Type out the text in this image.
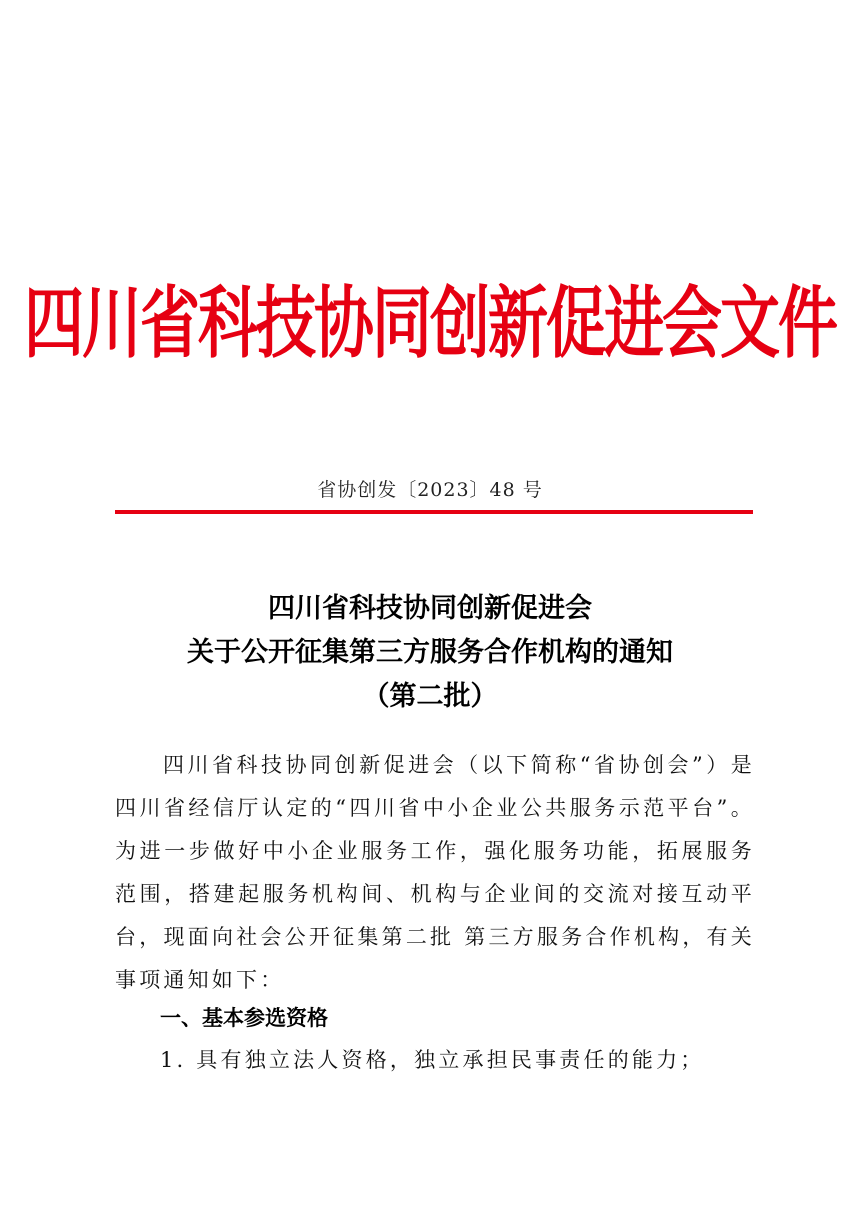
四川省科技协同创新促进会文件
省协创发〔2023〕48 号
四川省科技协同创新促进会
关于公开征集第三方服务合作机构的通知
（第二批）

四川省科技协同创新促进会（以下简称“省协创会”）是四川省经信厅认定的“四川省中小企业公共服务示范平台”。为进一步做好中小企业服务工作，强化服务功能，拓展服务范围，搭建起服务机构间、机构与企业间的交流对接互动平台，现面向社会公开征集第二批 第三方服务合作机构，有关事项通知如下：

一、基本参选资格
1. 具有独立法人资格，独立承担民事责任的能力；
